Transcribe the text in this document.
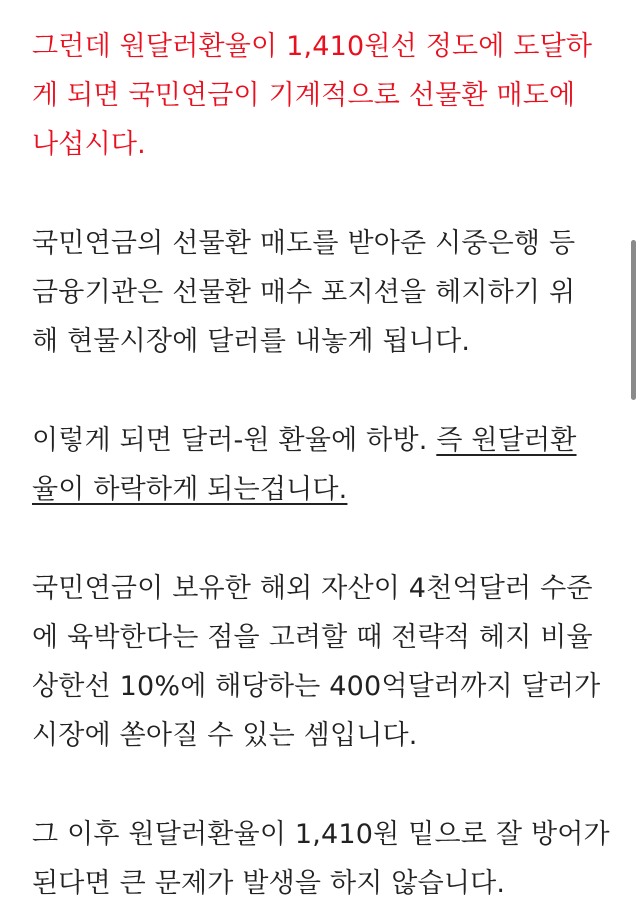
그런데 원달러환율이 1,410원선 정도에 도달하
게 되면 국민연금이 기계적으로 선물환 매도에
나섭시다.

국민연금의 선물환 매도를 받아준 시중은행 등
금융기관은 선물환 매수 포지션을 헤지하기 위
해 현물시장에 달러를 내놓게 됩니다.

이렇게 되면 달러-원 환율에 하방. 즉 원달러환
율이 하락하게 되는겁니다.

국민연금이 보유한 해외 자산이 4천억달러 수준
에 육박한다는 점을 고려할 때 전략적 헤지 비율
상한선 10%에 해당하는 400억달러까지 달러가
시장에 쏟아질 수 있는 셈입니다.

그 이후 원달러환율이 1,410원 밑으로 잘 방어가
된다면 큰 문제가 발생을 하지 않습니다.
